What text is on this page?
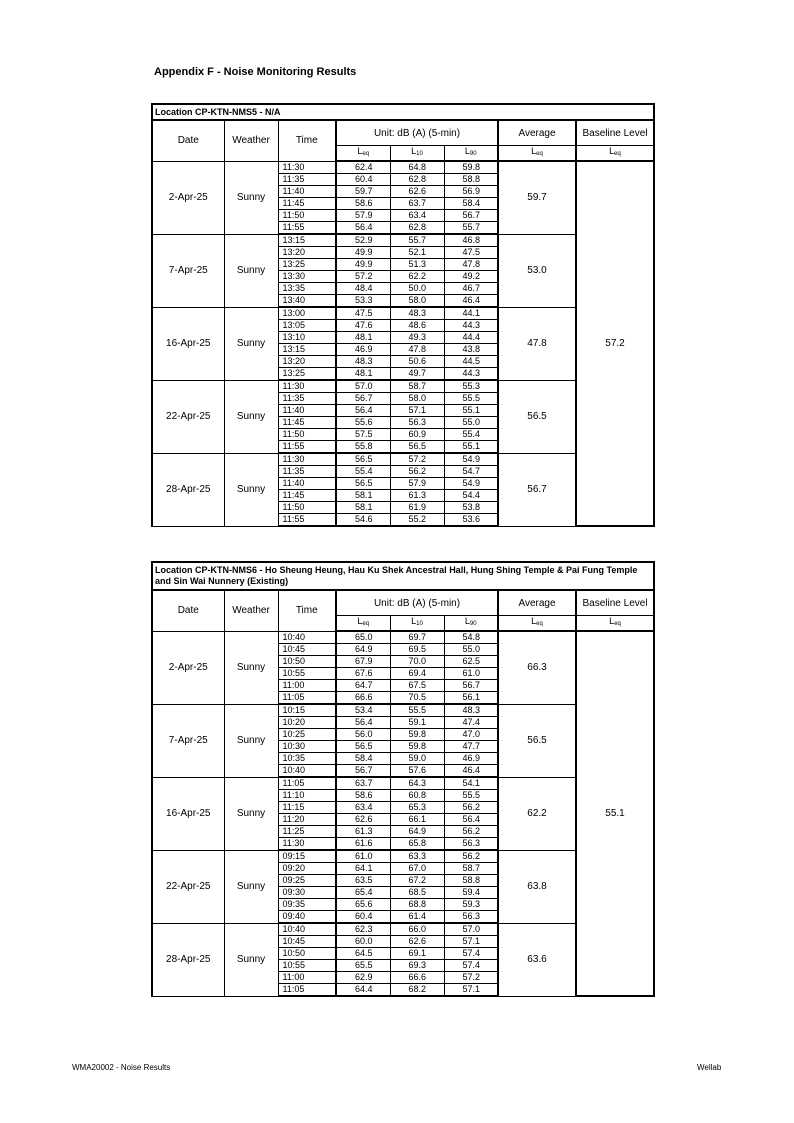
Appendix F - Noise Monitoring Results
Location CP-KTN-NMS5 - N/A							
Date	Weather	Time	Unit: dB (A) (5-min)			Average	Baseline Level
			$L_{eq}$	$L_{10}$	$L_{90}$	$L_{eq}$	$L_{eq}$
2-Apr-25	Sunny	11:30	62.4	64.8	59.8	59.7	57.2
		11:35	60.4	62.8	58.8		
		11:40	59.7	62.6	56.9		
		11:45	58.6	63.7	58.4		
		11:50	57.9	63.4	56.7		
		11:55	56.4	62.8	55.7		
7-Apr-25	Sunny	13:15	52.9	55.7	46.8	53.0	
		13:20	49.9	52.1	47.5		
		13:25	49.9	51.3	47.8		
		13:30	57.2	62.2	49.2		
		13:35	48.4	50.0	46.7		
		13:40	53.3	58.0	46.4		
16-Apr-25	Sunny	13:00	47.5	48.3	44.1	47.8	
		13:05	47.6	48.6	44.3		
		13:10	48.1	49.3	44.4		
		13:15	46.9	47.8	43.8		
		13:20	48.3	50.6	44.5		
		13:25	48.1	49.7	44.3		
22-Apr-25	Sunny	11:30	57.0	58.7	55.3	56.5	
		11:35	56.7	58.0	55.5		
		11:40	56.4	57.1	55.1		
		11:45	55.6	56.3	55.0		
		11:50	57.5	60.9	55.4		
		11:55	55.8	56.5	55.1		
28-Apr-25	Sunny	11:30	56.5	57.2	54.9	56.7	
		11:35	55.4	56.2	54.7		
		11:40	56.5	57.9	54.9		
		11:45	58.1	61.3	54.4		
		11:50	58.1	61.9	53.8		
		11:55	54.6	55.2	53.6		
Location CP-KTN-NMS6 - Ho Sheung Heung, Hau Ku Shek Ancestral Hall, Hung Shing Temple & Pai Fung Temple and Sin Wai Nunnery (Existing)							
Date	Weather	Time	Unit: dB (A) (5-min)			Average	Baseline Level
			$L_{eq}$	$L_{10}$	$L_{90}$	$L_{eq}$	$L_{eq}$
2-Apr-25	Sunny	10:40	65.0	69.7	54.8	66.3	55.1
		10:45	64.9	69.5	55.0		
		10:50	67.9	70.0	62.5		
		10:55	67.6	69.4	61.0		
		11:00	64.7	67.5	56.7		
		11:05	66.6	70.5	56.1		
7-Apr-25	Sunny	10:15	53.4	55.5	48.3	56.5	
		10:20	56.4	59.1	47.4		
		10:25	56.0	59.8	47.0		
		10:30	56.5	59.8	47.7		
		10:35	58.4	59.0	46.9		
		10:40	56.7	57.6	46.4		
16-Apr-25	Sunny	11:05	63.7	64.3	54.1	62.2	
		11:10	58.6	60.8	55.5		
		11:15	63.4	65.3	56.2		
		11:20	62.6	66.1	56.4		
		11:25	61.3	64.9	56.2		
		11:30	61.6	65.8	56.3		
22-Apr-25	Sunny	09:15	61.0	63.3	56.2	63.8	
		09:20	64.1	67.0	58.7		
		09:25	63.5	67.2	58.8		
		09:30	65.4	68.5	59.4		
		09:35	65.6	68.8	59.3		
		09:40	60.4	61.4	56.3		
28-Apr-25	Sunny	10:40	62.3	66.0	57.0	63.6	
		10:45	60.0	62.6	57.1		
		10:50	64.5	69.1	57.4		
		10:55	65.5	69.3	57.4		
		11:00	62.9	66.6	57.2		
		11:05	64.4	68.2	57.1		
WMA20002 - Noise Results	Wellab
